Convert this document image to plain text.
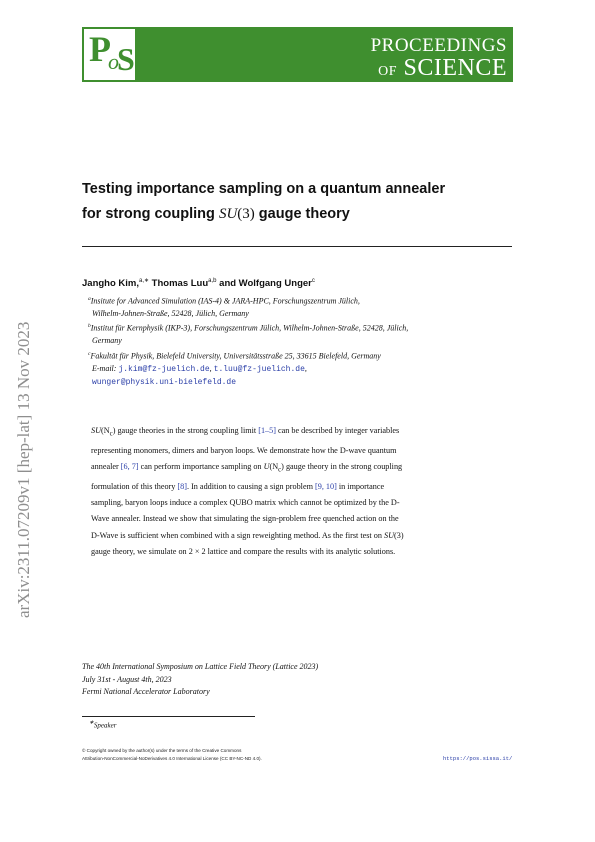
P
o
S	PROCEEDINGS
OF SCIENCE
arXiv:2311.07209v1 [hep-lat] 13 Nov 2023
Testing importance sampling on a quantum annealer
for strong coupling SU(3) gauge theory
Jangho Kim,$^{a,∗}$ Thomas Luu$^{a,b}$ and Wolfgang Unger$^c$
$^a$Insitute for Advanced Simulation (IAS-4) & JARA-HPC, Forschungszentrum Jülich,
Wilhelm-Johnen-Straße, 52428, Jülich, Germany
$^b$Institut für Kernphysik (IKP-3), Forschungszentrum Jülich, Wilhelm-Johnen-Straße, 52428, Jülich,
Germany
$^c$Fakultät für Physik, Bielefeld University, Universitätsstraße 25, 33615 Bielefeld, Germany
E-mail: j.kim@fz-juelich.de, t.luu@fz-juelich.de,
wunger@physik.uni-bielefeld.de
$SU(N_c)$ gauge theories in the strong coupling limit [1–5] can be described by integer variables
representing monomers, dimers and baryon loops. We demonstrate how the D-wave quantum
annealer [6, 7] can perform importance sampling on $U(N_c)$ gauge theory in the strong coupling
formulation of this theory [8]. In addition to causing a sign problem [9, 10] in importance
sampling, baryon loops induce a complex QUBO matrix which cannot be optimized by the D-
Wave annealer. Instead we show that simulating the sign-problem free quenched action on the
D-Wave is sufficient when combined with a sign reweighting method. As the first test on SU(3)
gauge theory, we simulate on 2 × 2 lattice and compare the results with its analytic solutions.
The 40th International Symposium on Lattice Field Theory (Lattice 2023)
July 31st - August 4th, 2023
Fermi National Accelerator Laboratory
∗Speaker
© Copyright owned by the author(s) under the terms of the Creative Commons
Attribution-NonCommercial-NoDerivatives 4.0 International License (CC BY-NC-ND 4.0).	https://pos.sissa.it/
